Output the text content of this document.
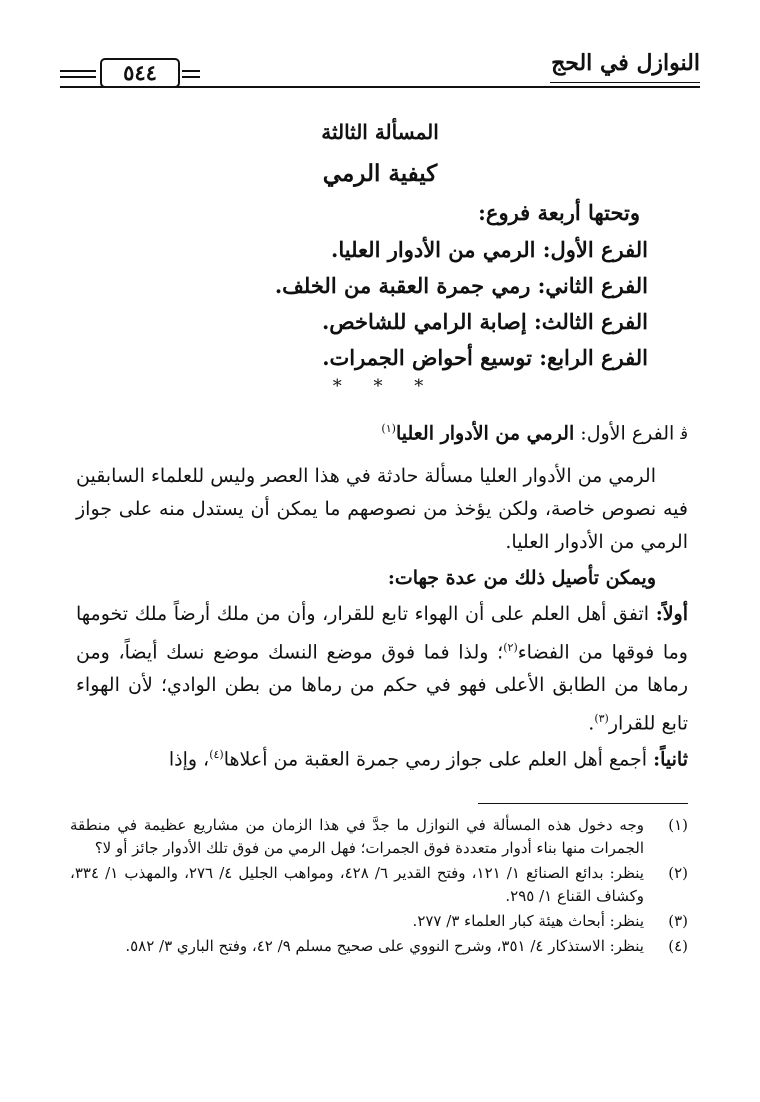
النوازل في الحج
٥٤٤
المسألة الثالثة
كيفية الرمي
وتحتها أربعة فروع:
الفرع الأول: الرمي من الأدوار العليا.
الفرع الثاني: رمي جمرة العقبة من الخلف.
الفرع الثالث: إصابة الرامي للشاخص.
الفرع الرابع: توسيع أحواض الجمرات.
* * *
ﭬالفرع الأول: الرمي من الأدوار العليا$^{(١)}$

الرمي من الأدوار العليا مسألة حادثة في هذا العصر وليس للعلماء السابقين فيه نصوص خاصة، ولكن يؤخذ من نصوصهم ما يمكن أن يستدل منه على جواز الرمي من الأدوار العليا.

ويمكن تأصيل ذلك من عدة جهات:

أولاً: اتفق أهل العلم على أن الهواء تابع للقرار، وأن من ملك أرضاً ملك تخومها وما فوقها من الفضاء$^{(٢)}$؛ ولذا فما فوق موضع النسك موضع نسك أيضاً، ومن رماها من الطابق الأعلى فهو في حكم من رماها من بطن الوادي؛ لأن الهواء تابع للقرار$^{(٣)}$.

ثانياً: أجمع أهل العلم على جواز رمي جمرة العقبة من أعلاها$^{(٤)}$، وإذا

(١)
وجه دخول هذه المسألة في النوازل ما جدَّ في هذا الزمان من مشاريع عظيمة في منطقة الجمرات منها بناء أدوار متعددة فوق الجمرات؛ فهل الرمي من فوق تلك الأدوار جائز أو لا؟
(٢)
ينظر: بدائع الصنائع ١/ ١٢١، وفتح القدير ٦/ ٤٢٨، ومواهب الجليل ٤/ ٢٧٦، والمهذب ١/ ٣٣٤، وكشاف القناع ١/ ٢٩٥.
(٣)
ينظر: أبحاث هيئة كبار العلماء ٣/ ٢٧٧.
(٤)
ينظر: الاستذكار ٤/ ٣٥١، وشرح النووي على صحيح مسلم ٩/ ٤٢، وفتح الباري ٣/ ٥٨٢.
